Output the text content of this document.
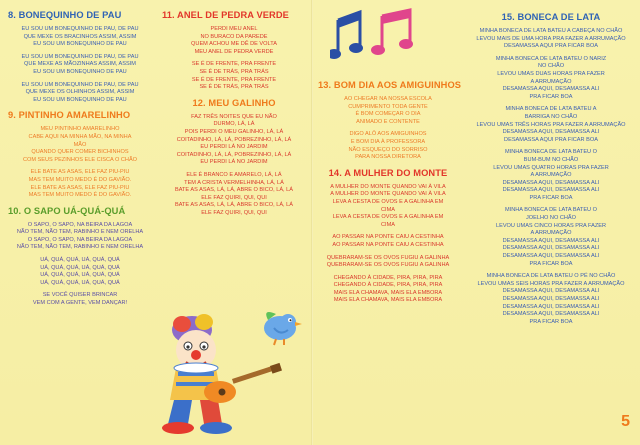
8. BONEQUINHO DE PAU
EU SOU UM BONEQUINHO DE PAU, DE PAU
QUE MEXE OS BRACINHOS ASSIM, ASSIM
EU SOU UM BONEQUINHO DE PAU
EU SOU UM BONEQUINHO DE PAU, DE PAU
QUE MEXE AS MÃOZINHAS ASSIM, ASSIM
EU SOU UM BONEQUINHO DE PAU
EU SOU UM BONEQUINHO DE PAU, DE PAU
QUE MEXE OS OLHINHOS ASSIM, ASSIM
EU SOU UM BONEQUINHO DE PAU
9. PINTINHO AMARELINHO
MEU PINTINHO AMARELINHO
CABE AQUI NA MINHA MÃO, NA MINHA
MÃO
QUANDO QUER COMER BICHINHOS
COM SEUS PEZINHOS ELE CISCA O CHÃO
ELE BATE AS ASAS, ELE FAZ PIU-PIU
MAS TEM MUITO MEDO É DO GAVIÃO.
ELE BATE AS ASAS, ELE FAZ PIU-PIU
MAS TEM MUITO MEDO É DO GAVIÃO.
10. O SAPO UÁ-QUÁ-QUÁ
O SAPO, O SAPO, NA BEIRA DA LAGOA
NÃO TEM, NÃO TEM, RABINHO E NEM ORELHA
O SAPO, O SAPO, NA BEIRA DA LAGOA
NÃO TEM, NÃO TEM, RABINHO E NEM ORELHA
UÁ, QUÁ, QUÁ, UÁ, QUÁ, QUÁ
UÁ, QUÁ, QUÁ, UÁ, QUÁ, QUÁ
UÁ, QUÁ, QUÁ, UÁ, QUÁ, QUÁ
UÁ, QUÁ, QUÁ, UÁ, QUÁ, QUÁ
SE VOCÊ QUISER BRINCAR
VEM COM A GENTE, VEM DANÇAR!
11. ANEL DE PEDRA VERDE
PERDI MEU ANEL
NO BURACO DA PAREDE
QUEM ACHOU ME DÊ DE VOLTA
MEU ANEL DE PEDRA VERDE
SE É DE FRENTE, PRA FRENTE
SE É DE TRÁS, PRA TRÁS
SE É DE FRENTE, PRA FRENTE
SE É DE TRÁS, PRA TRÁS
12. MEU GALINHO
FAZ TRÊS NOITES QUE EU NÃO
DURMO, LÁ, LÁ
POIS PERDI O MEU GALINHO, LÁ, LÁ
COITADINHO, LÁ, LÁ, POBREZINHO, LÁ, LÁ
EU PERDI LÁ NO JARDIM
COITADINHO, LÁ, LÁ, POBREZINHO, LÁ, LÁ
EU PERDI LÁ NO JARDIM
ELE É BRANCO E AMARELO, LÁ, LÁ
TEM A CRISTA VERMELHINHA, LÁ, LÁ
BATE AS ASAS, LÁ, LÁ, ABRE O BICO, LÁ, LÁ
ELE FAZ QUIRI, QUI, QUI
BATE AS ASAS, LÁ, LÁ, ABRE O BICO, LÁ, LÁ
ELE FAZ QUIRI, QUI, QUI
13. BOM DIA AOS AMIGUINHOS
AO CHEGAR NA NOSSA ESCOLA
CUMPRIMENTO TODA GENTE
É BOM COMEÇAR O DIA
ANIMADO E CONTENTE
DIGO ALÔ AOS AMIGUINHOS
E BOM DIA À PROFESSORA
NÃO ESQUEÇO DO SORRISO
PARA NOSSA DIRETORA
14. A MULHER DO MONTE
A MULHER DO MONTE QUANDO VAI À VILA
A MULHER DO MONTE QUANDO VAI À VILA
LEVA A CESTA DE OVOS E A GALINHA EM
CIMA
LEVA A CESTA DE OVOS E A GALINHA EM
CIMA
AO PASSAR NA PONTE CAIU A CESTINHA
AO PASSAR NA PONTE CAIU A CESTINHA
QUEBRARAM-SE OS OVOS FUGIU A GALINHA
QUEBRARAM-SE OS OVOS FUGIU A GALINHA
CHEGANDO À CIDADE, PIRA, PIRA, PIRA
CHEGANDO À CIDADE, PIRA, PIRA, PIRA
MAIS ELA CHAMAVA, MAIS ELA EMBORA
MAIS ELA CHAMAVA, MAIS ELA EMBORA
15. BONECA DE LATA
MINHA BONECA DE LATA BATEU A CABEÇA NO CHÃO
LEVOU MAIS DE UMA HORA PRA FAZER A ARRUMAÇÃO
DESAMASSA AQUI PRA FICAR BOA
MINHA BONECA DE LATA BATEU O NARIZ
NO CHÃO
LEVOU UMAS DUAS HORAS PRA FAZER
A ARRUMAÇÃO
DESAMASSA AQUI, DESAMASSA ALI
PRA FICAR BOA
MINHA BONECA DE LATA BATEU A
BARRIGA NO CHÃO
LEVOU UMAS TRÊS HORAS PRA FAZER A ARRUMAÇÃO
DESAMASSA AQUI, DESAMASSA ALI
DESAMASSA AQUI PRA FICAR BOA
MINHA BONECA DE LATA BATEU O
BUM-BUM NO CHÃO
LEVOU UMAS QUATRO HORAS PRA FAZER
A ARRUMAÇÃO
DESAMASSA AQUI, DESAMASSA ALI
DESAMASSA AQUI, DESAMASSA ALI
PRA FICAR BOA
MINHA BONECA DE LATA BATEU O
JOELHO NO CHÃO
LEVOU UMAS CINCO HORAS PRA FAZER
A ARRUMAÇÃO
DESAMASSA AQUI, DESAMASSA ALI
DESAMASSA AQUI, DESAMASSA ALI
DESAMASSA AQUI, DESAMASSA ALI
PRA FICAR BOA
MINHA BONECA DE LATA BATEU O PÉ NO CHÃO
LEVOU UMAS SEIS HORAS PRA FAZER A ARRUMAÇÃO
DESAMASSA AQUI, DESAMASSA ALI
DESAMASSA AQUI, DESAMASSA ALI
DESAMASSA AQUI, DESAMASSA ALI
DESAMASSA AQUI, DESAMASSA ALI
PRA FICAR BOA
5
